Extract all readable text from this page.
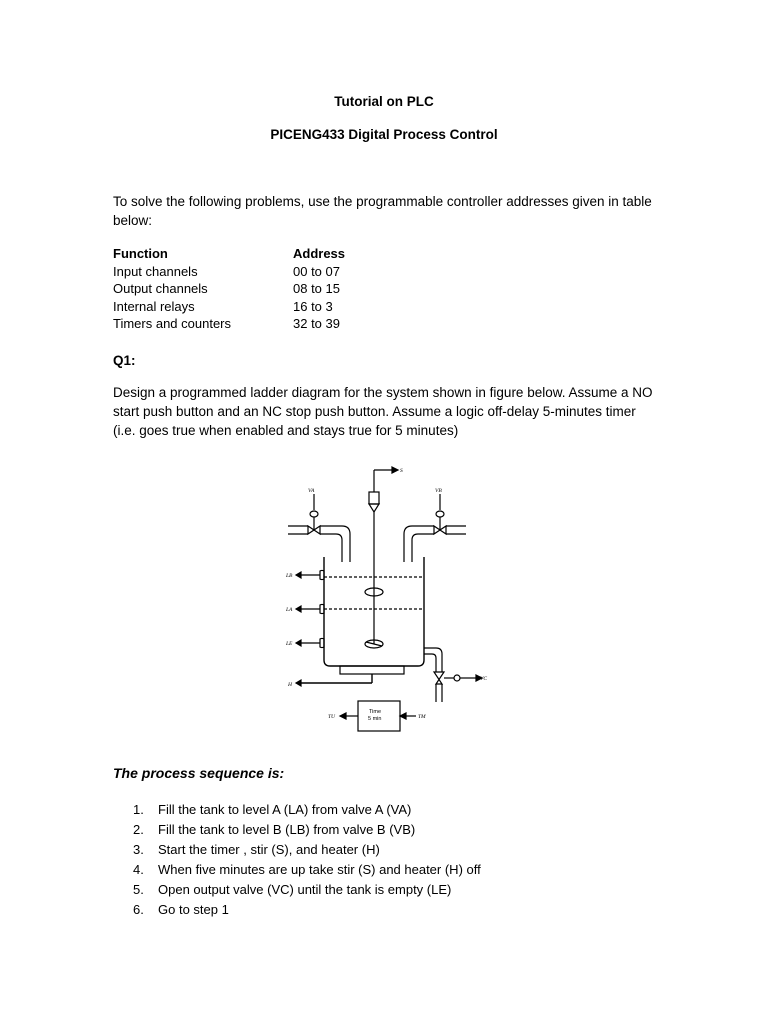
Tutorial on PLC
PICENG433 Digital Process Control
To solve the following problems, use the programmable controller addresses given in table below:
Function	Address
Input channels	00 to 07
Output channels	08 to 15
Internal relays	16 to 3
Timers and counters	32 to 39
Q1:
Design a programmed ladder diagram for the system shown in figure below. Assume a NO start push button and an NC stop push button. Assume a logic off-delay 5-minutes timer (i.e. goes true when enabled and stays true for 5 minutes)
S
VA	VB
LB
LA
LE
H
VC
Time
5 min
TU	TM
The process sequence is:
1.	Fill the tank to level A (LA) from valve A (VA)
2.	Fill the tank to level B (LB) from valve B (VB)
3.	Start the timer , stir (S), and heater (H)
4.	When five minutes are up take stir (S) and heater (H) off
5.	Open output valve (VC) until the tank is empty (LE)
6.	Go to step 1
